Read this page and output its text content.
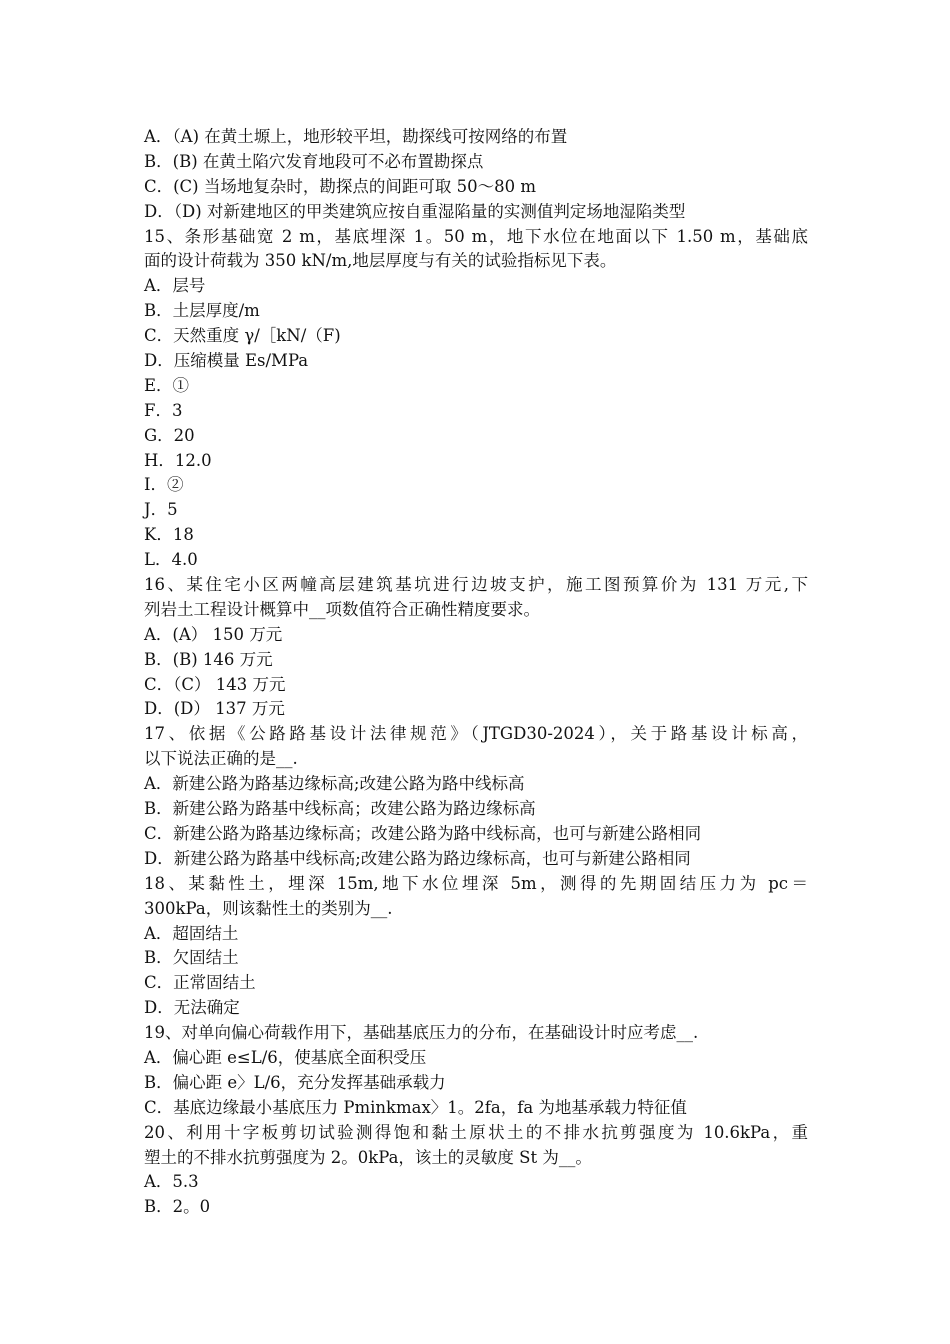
A．（A) 在黄土塬上，地形较平坦，勘探线可按网络的布置
B．(B) 在黄土陷穴发育地段可不必布置勘探点
C．(C) 当场地复杂时，勘探点的间距可取 50～80 m
D．（D) 对新建地区的甲类建筑应按自重湿陷量的实测值判定场地湿陷类型
15、条形基础宽 2 m，基底埋深 1。50 m，地下水位在地面以下 1.50 m，基础底
面的设计荷载为 350 kN/m,地层厚度与有关的试验指标见下表。
A．层号
B．土层厚度/m
C．天然重度 γ/［kN/（F)
D．压缩模量 Es/MPa
E．①
F．3
G．20
H．12.0
I．②
J．5
K．18
L．4.0
16、某住宅小区两幢高层建筑基坑进行边坡支护，施工图预算价为 131 万元,下
列岩土工程设计概算中__项数值符合正确性精度要求。
A．(A） 150 万元
B．(B) 146 万元
C．（C） 143 万元
D．(D） 137 万元
17、依据《公路路基设计法律规范》（JTGD30-2024），关于路基设计标高，
以下说法正确的是__.
A．新建公路为路基边缘标高;改建公路为路中线标高
B．新建公路为路基中线标高；改建公路为路边缘标高
C．新建公路为路基边缘标高；改建公路为路中线标高，也可与新建公路相同
D．新建公路为路基中线标高;改建公路为路边缘标高，也可与新建公路相同
18、某黏性土，埋深 15m,地下水位埋深 5m，测得的先期固结压力为 pc＝
300kPa，则该黏性土的类别为__.
A．超固结土
B．欠固结土
C．正常固结土
D．无法确定
19、对单向偏心荷载作用下，基础基底压力的分布，在基础设计时应考虑__.
A．偏心距 e≤L/6，使基底全面积受压
B．偏心距 e〉L/6，充分发挥基础承载力
C．基底边缘最小基底压力 Pminkmax〉1。2fa，fa 为地基承载力特征值
20、利用十字板剪切试验测得饱和黏土原状土的不排水抗剪强度为 10.6kPa，重
塑土的不排水抗剪强度为 2。0kPa，该土的灵敏度 St 为__。
A．5.3
B．2。0
